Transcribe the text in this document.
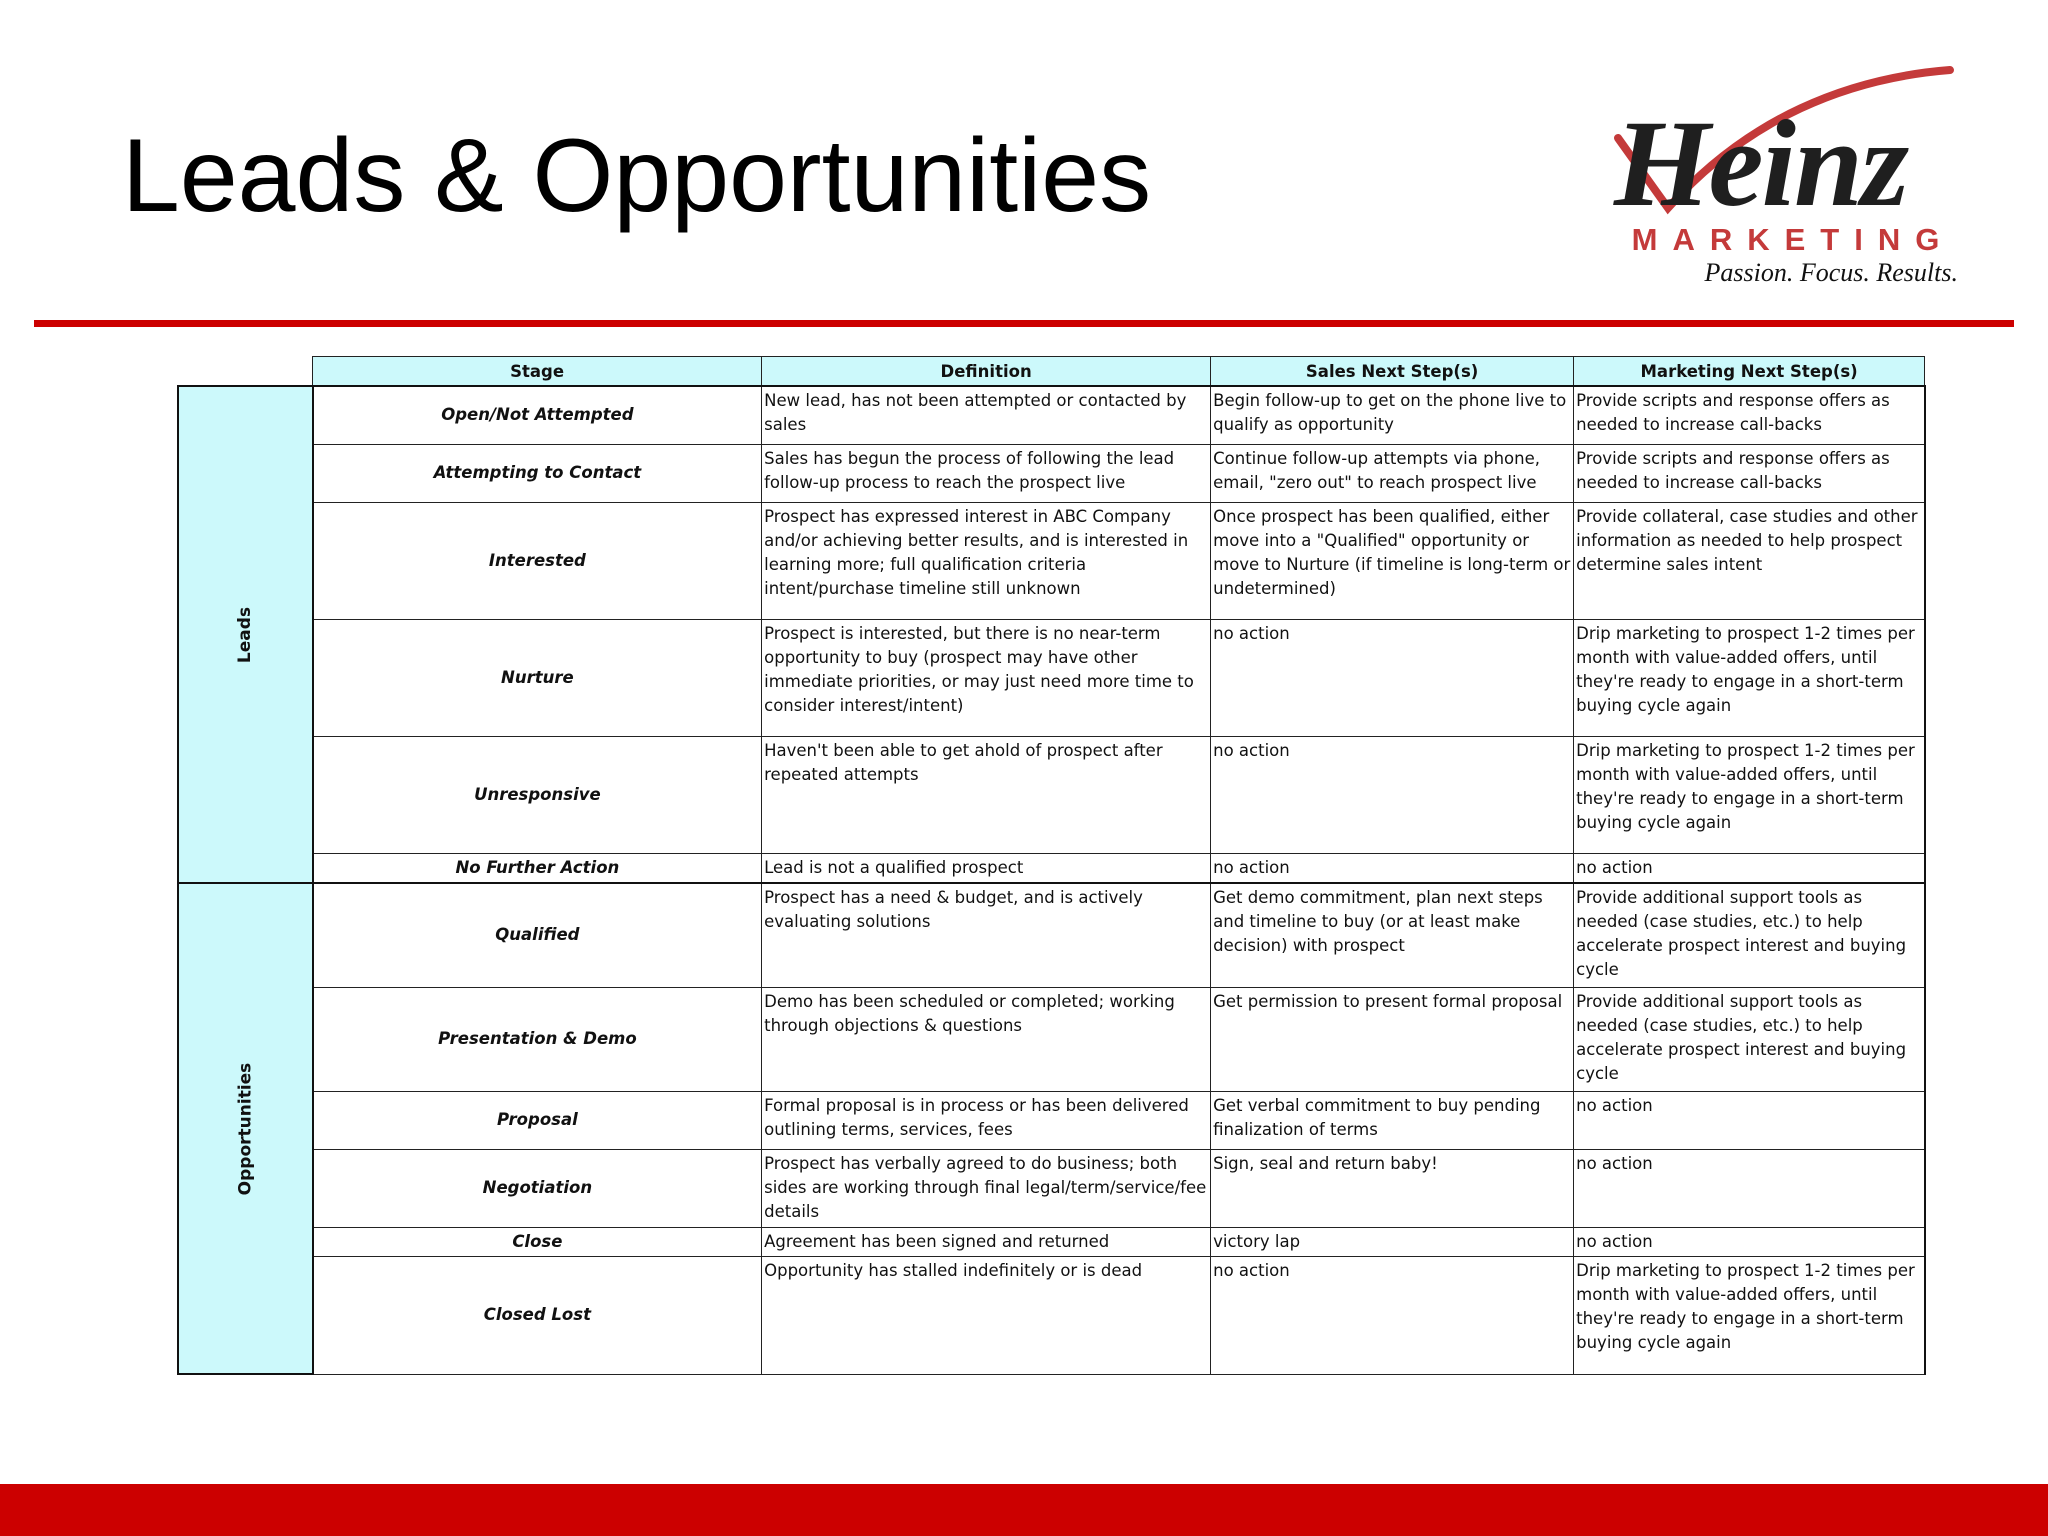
Leads & Opportunities	Heinz
MARKETING
Passion. Focus. Results.
	Stage	Definition	Sales Next Step(s)	Marketing Next Step(s)
Leads	Open/Not Attempted	New lead, has not been attempted or contacted by sales	Begin follow-up to get on the phone live to qualify as opportunity	Provide scripts and response offers as needed to increase call-backs
	Attempting to Contact	Sales has begun the process of following the lead follow-up process to reach the prospect live	Continue follow-up attempts via phone, email, "zero out" to reach prospect live	Provide scripts and response offers as needed to increase call-backs
	Interested	Prospect has expressed interest in ABC Company and/or achieving better results, and is interested in learning more; full qualification criteria intent/purchase timeline still unknown	Once prospect has been qualified, either move into a "Qualified" opportunity or move to Nurture (if timeline is long-term or undetermined)	Provide collateral, case studies and other information as needed to help prospect determine sales intent
	Nurture	Prospect is interested, but there is no near-term opportunity to buy (prospect may have other immediate priorities, or may just need more time to consider interest/intent)	no action	Drip marketing to prospect 1-2 times per month with value-added offers, until they're ready to engage in a short-term buying cycle again
	Unresponsive	Haven't been able to get ahold of prospect after repeated attempts	no action	Drip marketing to prospect 1-2 times per month with value-added offers, until they're ready to engage in a short-term buying cycle again
	No Further Action	Lead is not a qualified prospect	no action	no action
Opportunities	Qualified	Prospect has a need & budget, and is actively evaluating solutions	Get demo commitment, plan next steps and timeline to buy (or at least make decision) with prospect	Provide additional support tools as needed (case studies, etc.) to help accelerate prospect interest and buying cycle
	Presentation & Demo	Demo has been scheduled or completed; working through objections & questions	Get permission to present formal proposal	Provide additional support tools as needed (case studies, etc.) to help accelerate prospect interest and buying cycle
	Proposal	Formal proposal is in process or has been delivered outlining terms, services, fees	Get verbal commitment to buy pending finalization of terms	no action
	Negotiation	Prospect has verbally agreed to do business; both sides are working through final legal/term/service/fee details	Sign, seal and return baby!	no action
	Close	Agreement has been signed and returned	victory lap	no action
	Closed Lost	Opportunity has stalled indefinitely or is dead	no action	Drip marketing to prospect 1-2 times per month with value-added offers, until they're ready to engage in a short-term buying cycle again
